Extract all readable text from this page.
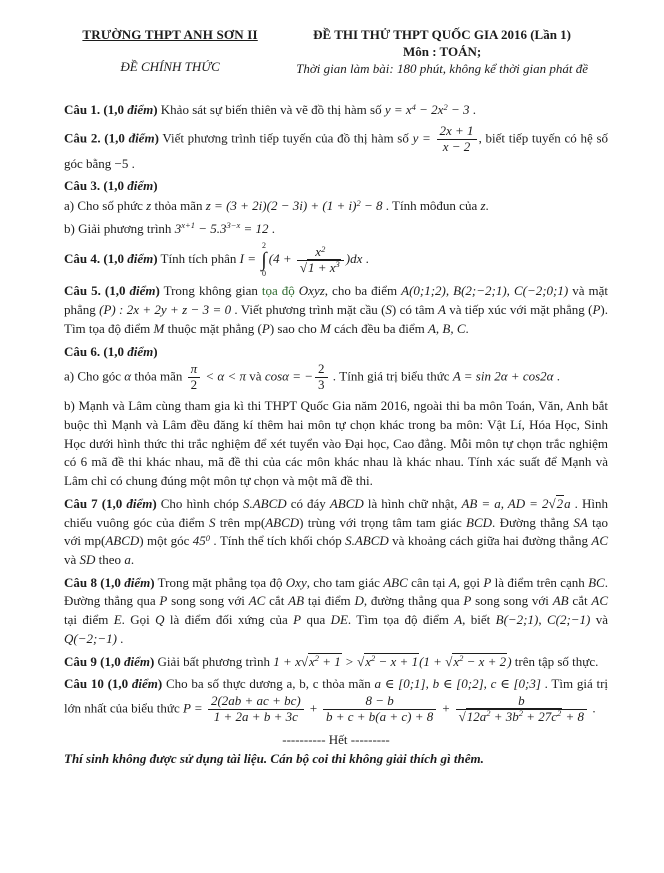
TRƯỜNG THPT ANH SƠN II
ĐỀ CHÍNH THỨC
ĐỀ THI THỬ THPT QUỐC GIA 2016 (Lần 1)
Môn : TOÁN;
Thời gian làm bài: 180 phút, không kể thời gian phát đề

Câu 1. (1,0 điểm) Khảo sát sự biến thiên và vẽ đồ thị hàm số $y = x^4 - 2x^2 - 3$ .

Câu 2. (1,0 điểm) Viết phương trình tiếp tuyến của đồ thị hàm số $y = \frac{2x + 1}{x - 2}$ , biết tiếp tuyến có hệ số góc bằng −5 .

Câu 3. (1,0 điểm)

a) Cho số phức z thỏa mãn $z = (3 + 2i)(2 - 3i) + (1 + i)^2 - 8$ . Tính môđun của z.

b) Giải phương trình $3^{x+1} - 5.3^{3-x} = 12$ .

Câu 4. (1,0 điểm) Tính tích phân I =
2
∫
0
$(4 + \frac{x^2}{√1 + x^3} )dx$ .

Câu 5. (1,0 điểm) Trong không gian tọa độ Oxyz, cho ba điểm A(0;1;2), B(2;−2;1), C(−2;0;1) và mặt phẳng (P) : 2x + 2y + z − 3 = 0 . Viết phương trình mặt cầu (S) có tâm A và tiếp xúc với mặt phẳng (P). Tìm tọa độ điểm M thuộc mặt phẳng (P) sao cho M cách đều ba điểm A, B, C.

Câu 6. (1,0 điểm)

a) Cho góc α thỏa mãn $\frac{\pi}{2} < \alpha < \pi$ và cosα = − $\frac{2}{3}$ . Tính giá trị biểu thức A = sin 2α + cos2α .

b) Mạnh và Lâm cùng tham gia kì thi THPT Quốc Gia năm 2016, ngoài thi ba môn Toán, Văn, Anh bắt buộc thì Mạnh và Lâm đều đăng kí thêm hai môn tự chọn khác trong ba môn: Vật Lí, Hóa Học, Sinh Học dưới hình thức thi trắc nghiệm để xét tuyển vào Đại học, Cao đẳng. Mỗi môn tự chọn trắc nghiệm có 6 mã đề thi khác nhau, mã đề thi của các môn khác nhau là khác nhau. Tính xác suất để Mạnh và Lâm chỉ có chung đúng một môn tự chọn và một mã đề thi.

Câu 7 (1,0 điểm) Cho hình chóp S.ABCD có đáy ABCD là hình chữ nhật, AB = a, AD = 2√2a . Hình chiếu vuông góc của điểm S trên mp(ABCD) trùng với trọng tâm tam giác BCD. Đường thẳng SA tạo với mp(ABCD) một góc $45^0$ . Tính thể tích khối chóp S.ABCD và khoảng cách giữa hai đường thẳng AC và SD theo a.

Câu 8 (1,0 điểm) Trong mặt phẳng tọa độ Oxy, cho tam giác ABC cân tại A, gọi P là điểm trên cạnh BC. Đường thẳng qua P song song với AC cắt AB tại điểm D, đường thẳng qua P song song với AB cắt AC tại điểm E. Gọi Q là điểm đối xứng của P qua DE. Tìm tọa độ điểm A, biết B(−2;1), C(2;−1) và Q(−2;−1) .

Câu 9 (1,0 điểm) Giải bất phương trình $1 + x√x^2 + 1 > √x^2 - x + 1(1 + √x^2 - x + 2)$ trên tập số thực.

Câu 10 (1,0 điểm) Cho ba số thực dương a, b, c thỏa mãn a ∈ [0;1], b ∈ [0;2], c ∈ [0;3] . Tìm giá trị lớn nhất của biểu thức $P = \frac{2(2ab + ac + bc)}{1 + 2a + b + 3c} + \frac{8 - b}{b + c + b(a + c) + 8} + \frac{b}{√12a^2 + 3b^2 + 27c^2 + 8}$ .

---------- Hết ---------
Thí sinh không được sử dụng tài liệu. Cán bộ coi thi không giải thích gì thêm.
